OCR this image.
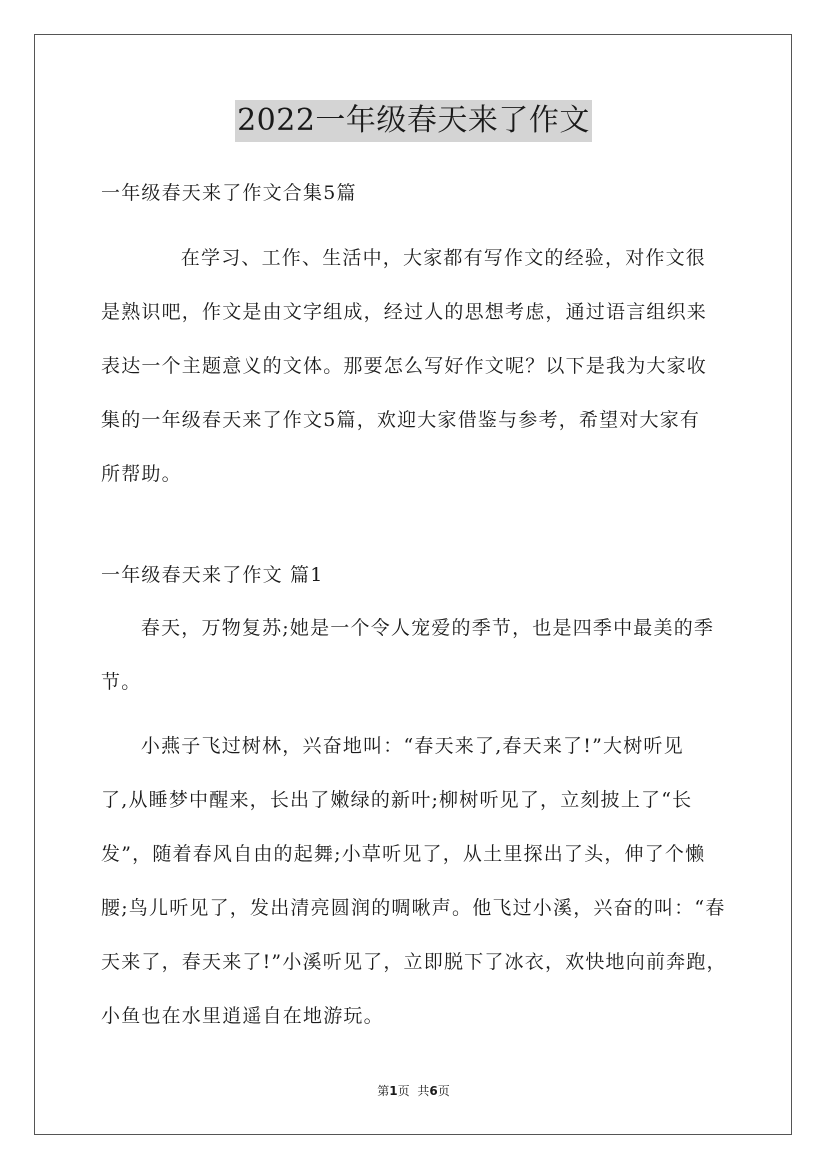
2022一年级春天来了作文

一年级春天来了作文合集5篇

在学习、工作、生活中，大家都有写作文的经验，对作文很
是熟识吧，作文是由文字组成，经过人的思想考虑，通过语言组织来
表达一个主题意义的文体。那要怎么写好作文呢？以下是我为大家收
集的一年级春天来了作文5篇，欢迎大家借鉴与参考，希望对大家有
所帮助。

一年级春天来了作文 篇1

春天，万物复苏;她是一个令人宠爱的季节，也是四季中最美的季
节。
小燕子飞过树林，兴奋地叫：“春天来了,春天来了!”大树听见
了,从睡梦中醒来，长出了嫩绿的新叶;柳树听见了，立刻披上了“长
发”，随着春风自由的起舞;小草听见了，从土里探出了头，伸了个懒
腰;鸟儿听见了，发出清亮圆润的啁啾声。他飞过小溪，兴奋的叫：“春
天来了，春天来了!”小溪听见了，立即脱下了冰衣，欢快地向前奔跑，
小鱼也在水里逍遥自在地游玩。
第1页 共6页
